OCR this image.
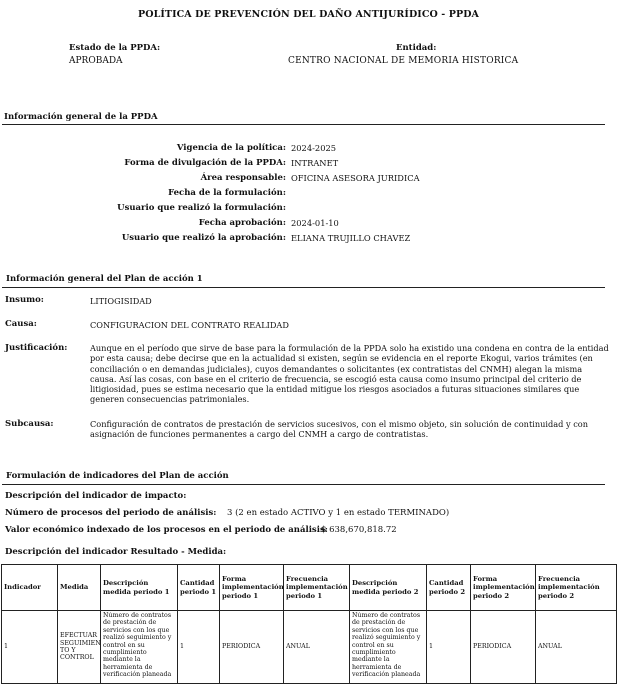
POLÍTICA DE PREVENCIÓN DEL DAÑO ANTIJURÍDICO - PPDA
Estado de la PPDA:
APROBADA
Entidad:
CENTRO NACIONAL DE MEMORIA HISTORICA
Información general de la PPDA
Vigencia de la política: 2024-2025
Forma de divulgación de la PPDA: INTRANET
Área responsable: OFICINA ASESORA JURIDICA
Fecha de la formulación:
Usuario que realizó la formulación:
Fecha aprobación: 2024-01-10
Usuario que realizó la aprobación: ELIANA TRUJILLO CHAVEZ
Información general del Plan de acción 1
Insumo:	LITIOGISIDAD
Causa:	CONFIGURACION DEL CONTRATO REALIDAD
Justificación:	Aunque en el período que sirve de base para la formulación de la PPDA solo ha existido una condena en contra de la entidad por esta causa; debe decirse que en la actualidad si existen, según se evidencia en el reporte Ekogui, varios trámites (en conciliación o en demandas judiciales), cuyos demandantes o solicitantes (ex contratistas del CNMH) alegan la misma causa. Así las cosas, con base en el criterio de frecuencia, se escogió esta causa como insumo principal del criterio de litigiosidad, pues se estima necesario que la entidad mitigue los riesgos asociados a futuras situaciones similares que generen consecuencias patrimoniales.
Subcausa:	Configuración de contratos de prestación de servicios sucesivos, con el mismo objeto, sin solución de continuidad y con asignación de funciones permanentes a cargo del CNMH a cargo de contratistas.
Formulación de indicadores del Plan de acción
Descripción del indicador de impacto:
Número de procesos del periodo de análisis: 3 (2 en estado ACTIVO y 1 en estado TERMINADO)
Valor económico indexado de los procesos en el periodo de análisis:
$ 638,670,818.72
Descripción del indicador Resultado - Medida:
Indicador	Medida	Descripción medida periodo 1	Cantidad periodo 1	Forma implementación periodo 1	Frecuencia implementación periodo 1	Descripción medida periodo 2	Cantidad periodo 2	Forma implementación periodo 2	Frecuencia implementación periodo 2
1	EFECTUAR SEGUIMIEN TO Y CONTROL	Número de contratos de prestación de servicios con los que realizó seguimiento y control en su cumplimiento mediante la herramienta de verificación planeada	1	PERIODICA	ANUAL	Número de contratos de prestación de servicios con los que realizó seguimiento y control en su cumplimiento mediante la herramienta de verificación planeada	1	PERIODICA	ANUAL
